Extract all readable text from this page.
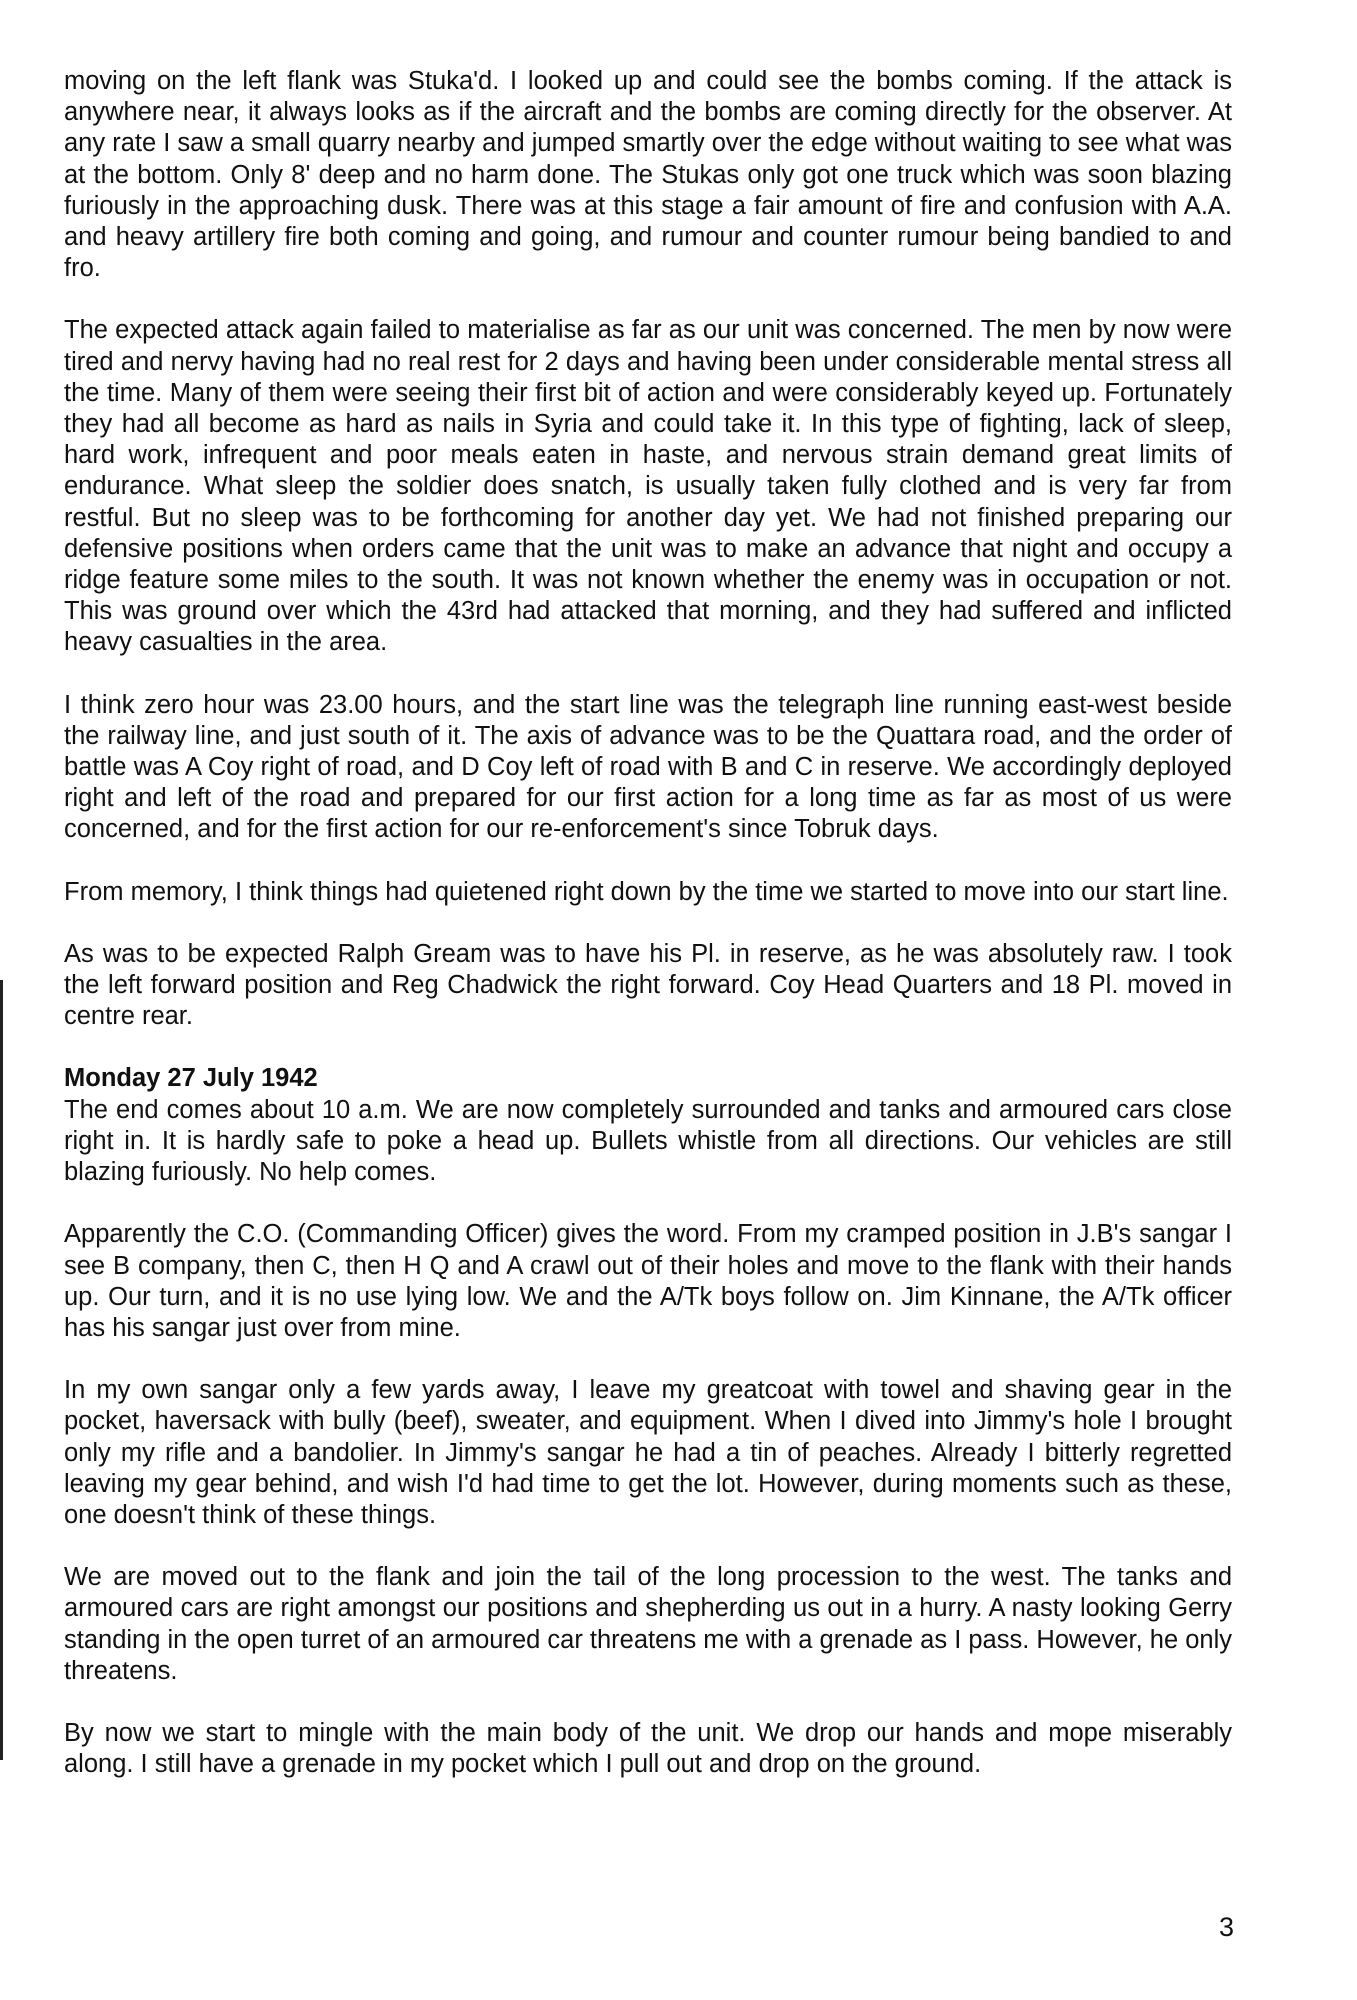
moving on the left flank was Stuka'd. I looked up and could see the bombs coming. If the attack is anywhere near, it always looks as if the aircraft and the bombs are coming directly for the observer. At any rate I saw a small quarry nearby and jumped smartly over the edge without waiting to see what was at the bottom. Only 8' deep and no harm done. The Stukas only got one truck which was soon blazing furiously in the approaching dusk. There was at this stage a fair amount of fire and confusion with A.A. and heavy artillery fire both coming and going, and rumour and counter rumour being bandied to and fro.

The expected attack again failed to materialise as far as our unit was concerned. The men by now were tired and nervy having had no real rest for 2 days and having been under considerable mental stress all the time. Many of them were seeing their first bit of action and were considerably keyed up. Fortunately they had all become as hard as nails in Syria and could take it. In this type of fighting, lack of sleep, hard work, infrequent and poor meals eaten in haste, and nervous strain demand great limits of endurance. What sleep the soldier does snatch, is usually taken fully clothed and is very far from restful. But no sleep was to be forthcoming for another day yet. We had not finished preparing our defensive positions when orders came that the unit was to make an advance that night and occupy a ridge feature some miles to the south. It was not known whether the enemy was in occupation or not. This was ground over which the 43rd had attacked that morning, and they had suffered and inflicted heavy casualties in the area.

I think zero hour was 23.00 hours, and the start line was the telegraph line running east-west beside the railway line, and just south of it. The axis of advance was to be the Quattara road, and the order of battle was A Coy right of road, and D Coy left of road with B and C in reserve. We accordingly deployed right and left of the road and prepared for our first action for a long time as far as most of us were concerned, and for the first action for our re-enforcement's since Tobruk days.

From memory, I think things had quietened right down by the time we started to move into our start line.

As was to be expected Ralph Gream was to have his Pl. in reserve, as he was absolutely raw. I took the left forward position and Reg Chadwick the right forward. Coy Head Quarters and 18 Pl. moved in centre rear.

Monday 27 July 1942

The end comes about 10 a.m. We are now completely surrounded and tanks and armoured cars close right in. It is hardly safe to poke a head up. Bullets whistle from all directions. Our vehicles are still blazing furiously. No help comes.

Apparently the C.O. (Commanding Officer) gives the word. From my cramped position in J.B's sangar I see B company, then C, then H Q and A crawl out of their holes and move to the flank with their hands up. Our turn, and it is no use lying low. We and the A/Tk boys follow on. Jim Kinnane, the A/Tk officer has his sangar just over from mine.

In my own sangar only a few yards away, I leave my greatcoat with towel and shaving gear in the pocket, haversack with bully (beef), sweater, and equipment. When I dived into Jimmy's hole I brought only my rifle and a bandolier. In Jimmy's sangar he had a tin of peaches. Already I bitterly regretted leaving my gear behind, and wish I'd had time to get the lot. However, during moments such as these, one doesn't think of these things.

We are moved out to the flank and join the tail of the long procession to the west. The tanks and armoured cars are right amongst our positions and shepherding us out in a hurry. A nasty looking Gerry standing in the open turret of an armoured car threatens me with a grenade as I pass. However, he only threatens.

By now we start to mingle with the main body of the unit. We drop our hands and mope miserably along. I still have a grenade in my pocket which I pull out and drop on the ground.

3
